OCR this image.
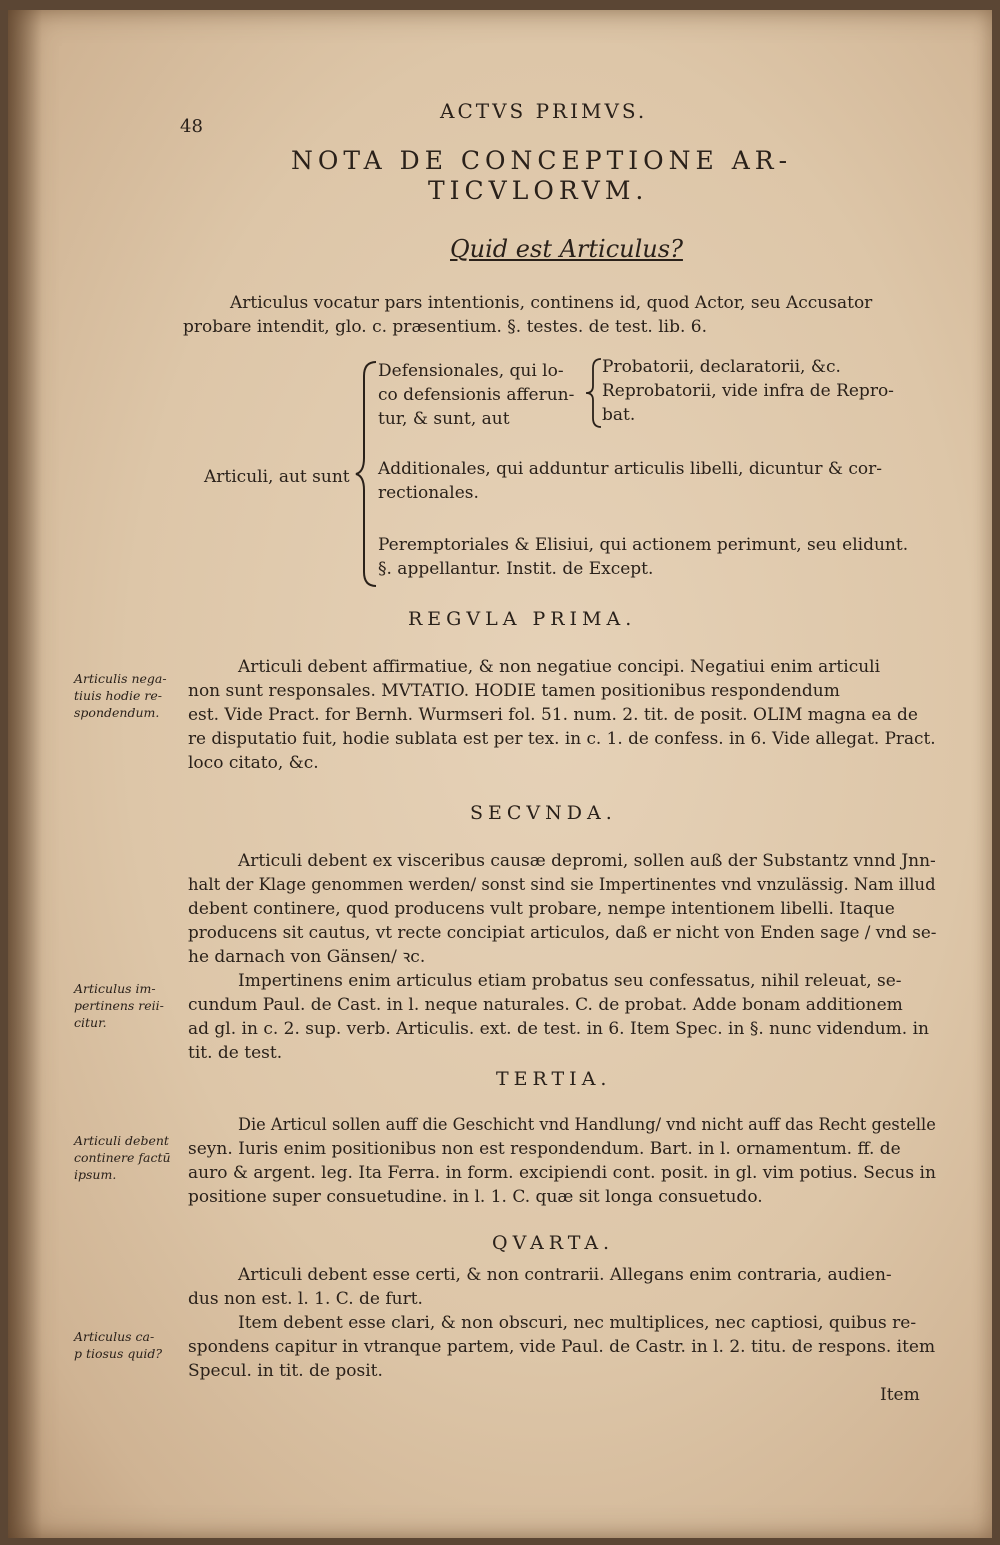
48
ACTVS PRIMVS.
NOTA DE CONCEPTIONE AR-
TICVLORVM.
Quid est Articulus?
Articulus vocatur pars intentionis, continens id, quod Actor, seu Accusator
probare intendit, glo. c. præsentium. §. testes. de test. lib. 6.
Articuli, aut sunt
Defensionales, qui lo-
co defensionis afferun-
tur, & sunt, aut
Probatorii, declaratorii, &c.
Reprobatorii, vide infra de Repro-
bat.
Additionales, qui adduntur articulis libelli, dicuntur & cor-
rectionales.
Peremptoriales & Elisiui, qui actionem perimunt, seu elidunt.
§. appellantur. Instit. de Except.
REGVLA PRIMA.
Articulis nega-
tiuis hodie re-
spondendum.
Articuli debent affirmatiue, & non negatiue concipi. Negatiui enim articuli
non sunt responsales. MVTATIO. HODIE tamen positionibus respondendum
est. Vide Pract. for Bernh. Wurmseri fol. 51. num. 2. tit. de posit. OLIM magna ea de
re disputatio fuit, hodie sublata est per tex. in c. 1. de confess. in 6. Vide allegat. Pract.
loco citato, &c.
SECVNDA.
Articulus im-
pertinens reii-
citur.
Articuli debent ex visceribus causæ depromi, sollen auß der Substantz vnnd Jnn-
halt der Klage genommen werden/ sonst sind sie Impertinentes vnd vnzulässig. Nam illud
debent continere, quod producens vult probare, nempe intentionem libelli. Itaque
producens sit cautus, vt recte concipiat articulos, daß er nicht von Enden sage / vnd se-
he darnach von Gänsen/ ꝛc.
Impertinens enim articulus etiam probatus seu confessatus, nihil releuat, se-
cundum Paul. de Cast. in l. neque naturales. C. de probat. Adde bonam additionem
ad gl. in c. 2. sup. verb. Articulis. ext. de test. in 6. Item Spec. in §. nunc videndum. in
tit. de test.
TERTIA.
Articuli debent
continere factū
ipsum.
Die Articul sollen auff die Geschicht vnd Handlung/ vnd nicht auff das Recht gestelle
seyn. Iuris enim positionibus non est respondendum. Bart. in l. ornamentum. ff. de
auro & argent. leg. Ita Ferra. in form. excipiendi cont. posit. in gl. vim potius. Secus in
positione super consuetudine. in l. 1. C. quæ sit longa consuetudo.
QVARTA.
Articulus ca-
p tiosus quid?
Articuli debent esse certi, & non contrarii. Allegans enim contraria, audien-
dus non est. l. 1. C. de furt.
Item debent esse clari, & non obscuri, nec multiplices, nec captiosi, quibus re-
spondens capitur in vtranque partem, vide Paul. de Castr. in l. 2. titu. de respons. item
Specul. in tit. de posit.
Item
